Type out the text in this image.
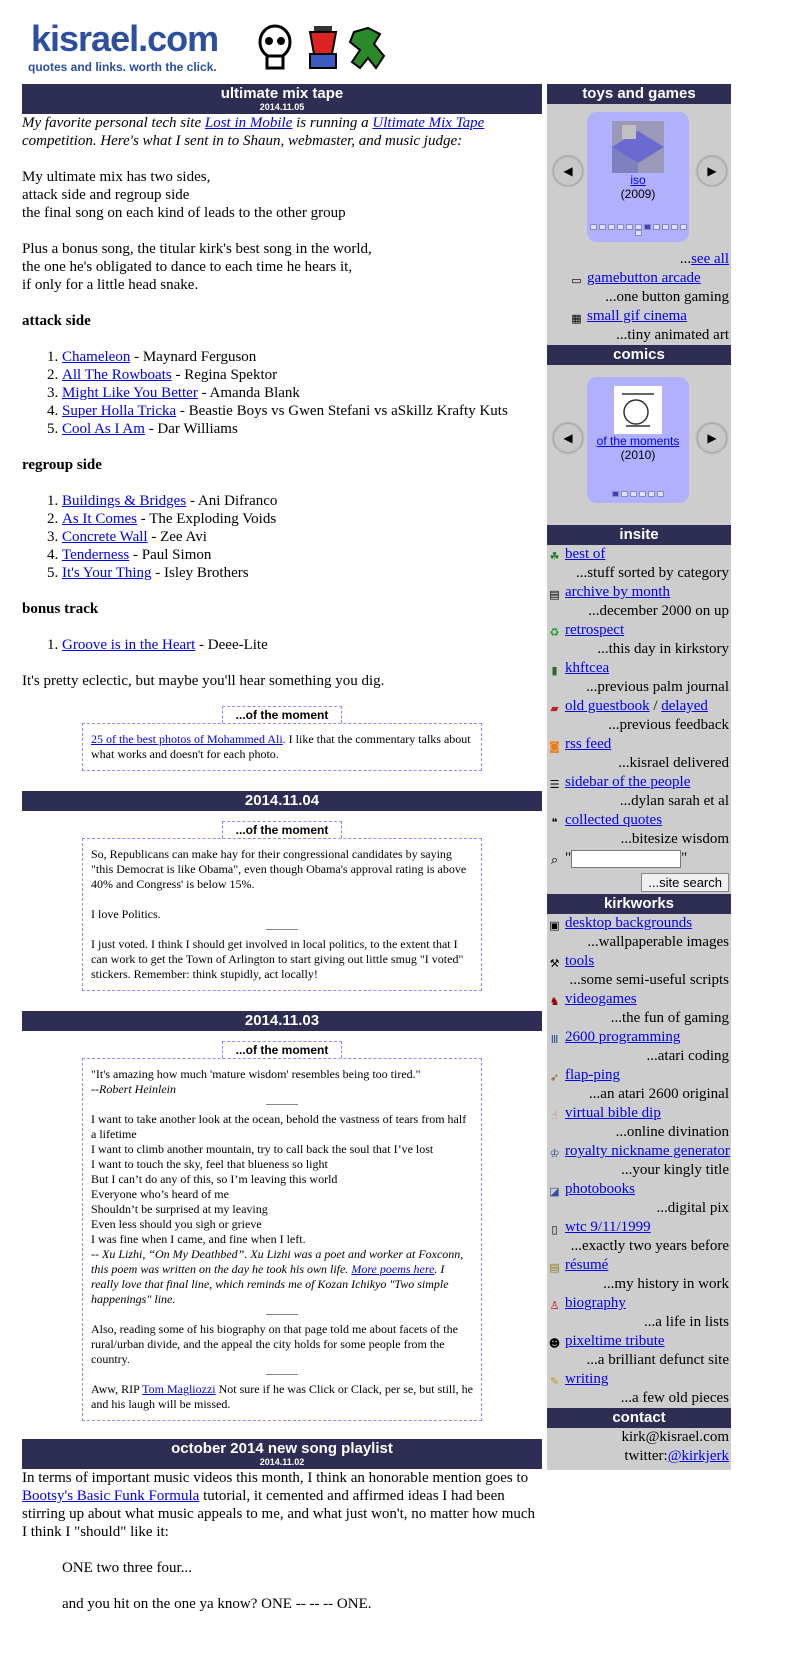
kisrael.com
quotes and links. worth the click.
ultimate mix tape
2014.11.05

My favorite personal tech site Lost in Mobile is running a Ultimate Mix Tape competition. Here's what I sent in to Shaun, webmaster, and music judge:

My ultimate mix has two sides,
attack side and regroup side
the final song on each kind of leads to the other group

Plus a bonus song, the titular kirk's best song in the world,
the one he's obligated to dance to each time he hears it,
if only for a little head snake.

attack side
1. Chameleon - Maynard Ferguson
2. All The Rowboats - Regina Spektor
3. Might Like You Better - Amanda Blank
4. Super Holla Tricka - Beastie Boys vs Gwen Stefani vs aSkillz Krafty Kuts
5. Cool As I Am - Dar Williams
regroup side
1. Buildings & Bridges - Ani Difranco
2. As It Comes - The Exploding Voids
3. Concrete Wall - Zee Avi
4. Tenderness - Paul Simon
5. It's Your Thing - Isley Brothers
bonus track
1. Groove is in the Heart - Deee-Lite

It's pretty eclectic, but maybe you'll hear something you dig.

...of the moment

25 of the best photos of Mohammed Ali. I like that the commentary talks about what works and doesn't for each photo.

2014.11.04
...of the moment

So, Republicans can make hay for their congressional candidates by saying "this Democrat is like Obama", even though Obama's approval rating is above 40% and Congress' is below 15%.

I love Politics.

I just voted. I think I should get involved in local politics, to the extent that I can work to get the Town of Arlington to start giving out little smug "I voted" stickers. Remember: think stupidly, act locally!

2014.11.03
...of the moment

"It's amazing how much 'mature wisdom' resembles being too tired."

--Robert Heinlein

I want to take another look at the ocean, behold the vastness of tears from half a lifetime
I want to climb another mountain, try to call back the soul that I’ve lost
I want to touch the sky, feel that blueness so light
But I can’t do any of this, so I’m leaving this world
Everyone who’s heard of me
Shouldn’t be surprised at my leaving
Even less should you sigh or grieve
I was fine when I came, and fine when I left.

-- Xu Lizhi, “On My Deathbed”. Xu Lizhi was a poet and worker at Foxconn, this poem was written on the day he took his own life. More poems here. I really love that final line, which reminds me of Kozan Ichikyo "Two simple happenings" line.

Also, reading some of his biography on that page told me about facets of the rural/urban divide, and the appeal the city holds for some people from the country.

Aww, RIP Tom Magliozzi Not sure if he was Click or Clack, per se, but still, he and his laugh will be missed.

october 2014 new song playlist
2014.11.02

In terms of important music videos this month, I think an honorable mention goes to Bootsy's Basic Funk Formula tutorial, it cemented and affirmed ideas I had been stirring up about what music appeals to me, and what just won't, no matter how much I think I "should" like it:

ONE two three four...

and you hit on the one ya know? ONE -- -- -- ONE.

toys and games
◀
iso
(2009)
▶
...see all
▭ gamebutton arcade
...one button gaming
▦ small gif cinema
...tiny animated art
comics
◀	of the moments
(2010)
▶
insite
☘ best of
...stuff sorted by category
▤ archive by month
...december 2000 on up
♻ retrospect
...this day in kirkstory
▮ khftcea
...previous palm journal
▰ old guestbook / delayed
...previous feedback
◙ rss feed
...kisrael delivered
☰ sidebar of the people
...dylan sarah et al
❝ collected quotes
...bitesize wisdom
⌕ "	"
...site search
kirkworks
▣ desktop backgrounds
...wallpaperable images
⚒ tools
...some semi-useful scripts
♞ videogames
...the fun of gaming
Ⅲ 2600 programming
...atari coding
➶ flap-ping
...an atari 2600 original
☝ virtual bible dip
...online divination
♔ royalty nickname generator
...your kingly title
◪ photobooks
...digital pix
▯ wtc 9/11/1999
...exactly two years before
▤ résumé
...my history in work
♙ biography
...a life in lists
☻ pixeltime tribute
...a brilliant defunct site
✎ writing
...a few old pieces
contact
kirk@kisrael.com
twitter:@kirkjerk
